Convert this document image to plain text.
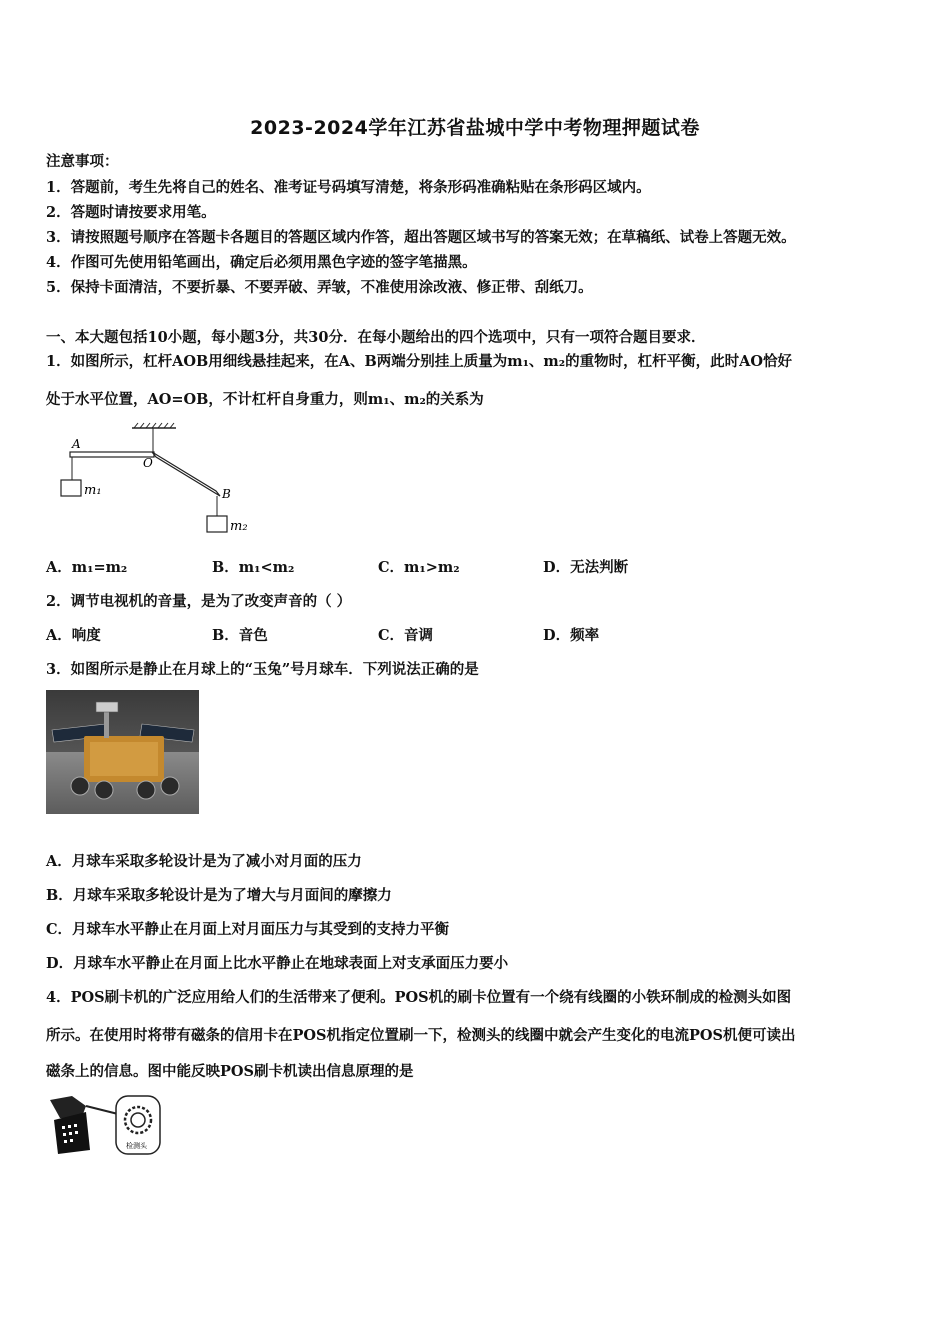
2023-2024学年江苏省盐城中学中考物理押题试卷
注意事项：
1．答题前，考生先将自己的姓名、准考证号码填写清楚，将条形码准确粘贴在条形码区域内。
2．答题时请按要求用笔。
3．请按照题号顺序在答题卡各题目的答题区域内作答，超出答题区域书写的答案无效；在草稿纸、试卷上答题无效。
4．作图可先使用铅笔画出，确定后必须用黑色字迹的签字笔描黑。
5．保持卡面清洁，不要折暴、不要弄破、弄皱，不准使用涂改液、修正带、刮纸刀。
一、本大题包括10小题，每小题3分，共30分．在每小题给出的四个选项中，只有一项符合题目要求．
1．如图所示，杠杆AOB用细线悬挂起来，在A、B两端分别挂上质量为m₁、m₂的重物时，杠杆平衡，此时AO恰好
处于水平位置，AO=OB，不计杠杆自身重力，则m₁、m₂的关系为
A
O
B
m₁
m₂
A．m₁=m₂	B．m₁<m₂	C．m₁>m₂	D．无法判断
2．调节电视机的音量，是为了改变声音的（ ）
A．响度	B．音色	C．音调	D．频率
3．如图所示是静止在月球上的“玉兔”号月球车．下列说法正确的是
A．月球车采取多轮设计是为了减小对月面的压力
B．月球车采取多轮设计是为了增大与月面间的摩擦力
C．月球车水平静止在月面上对月面压力与其受到的支持力平衡
D．月球车水平静止在月面上比水平静止在地球表面上对支承面压力要小
4．POS刷卡机的广泛应用给人们的生活带来了便利。POS机的刷卡位置有一个绕有线圈的小铁环制成的检测头如图
所示。在使用时将带有磁条的信用卡在POS机指定位置刷一下，检测头的线圈中就会产生变化的电流POS机便可读出
磁条上的信息。图中能反映POS刷卡机读出信息原理的是
检测头
